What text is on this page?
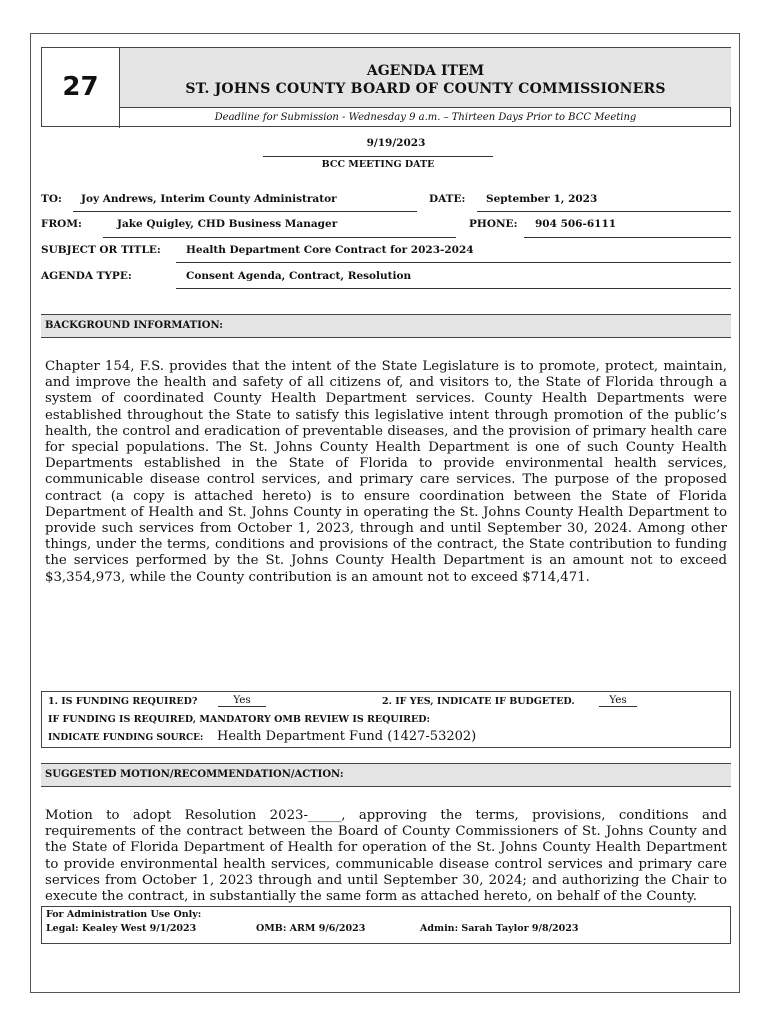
27
AGENDA ITEM
ST. JOHNS COUNTY BOARD OF COUNTY COMMISSIONERS
Deadline for Submission - Wednesday 9 a.m. – Thirteen Days Prior to BCC Meeting
9/19/2023
BCC MEETING DATE
TO: Joy Andrews, Interim County Administrator	DATE: September 1, 2023
FROM:	Jake Quigley, CHD Business Manager	PHONE: 904 506-6111
SUBJECT OR TITLE: Health Department Core Contract for 2023-2024
AGENDA TYPE:	Consent Agenda, Contract, Resolution
BACKGROUND INFORMATION:
Chapter 154, F.S. provides that the intent of the State Legislature is to promote, protect, maintain, and improve the health and safety of all citizens of, and visitors to, the State of Florida through a system of coordinated County Health Department services. County Health Departments were established throughout the State to satisfy this legislative intent through promotion of the public’s health, the control and eradication of preventable diseases, and the provision of primary health care for special populations. The St. Johns County Health Department is one of such County Health Departments established in the State of Florida to provide environmental health services, communicable disease control services, and primary care services. The purpose of the proposed contract (a copy is attached hereto) is to ensure coordination between the State of Florida Department of Health and St. Johns County in operating the St. Johns County Health Department to provide such services from October 1, 2023, through and until September 30, 2024. Among other things, under the terms, conditions and provisions of the contract, the State contribution to funding the services performed by the St. Johns County Health Department is an amount not to exceed $3,354,973, while the County contribution is an amount not to exceed $714,471.
1. IS FUNDING REQUIRED?	Yes	2. IF YES, INDICATE IF BUDGETED.	Yes
IF FUNDING IS REQUIRED, MANDATORY OMB REVIEW IS REQUIRED:
INDICATE FUNDING SOURCE: Health Department Fund (1427-53202)
SUGGESTED MOTION/RECOMMENDATION/ACTION:
Motion to adopt Resolution 2023-_____, approving the terms, provisions, conditions and requirements of the contract between the Board of County Commissioners of St. Johns County and the State of Florida Department of Health for operation of the St. Johns County Health Department to provide environmental health services, communicable disease control services and primary care services from October 1, 2023 through and until September 30, 2024; and authorizing the Chair to execute the contract, in substantially the same form as attached hereto, on behalf of the County.
For Administration Use Only:
Legal: Kealey West 9/1/2023	OMB: ARM 9/6/2023	Admin: Sarah Taylor 9/8/2023
